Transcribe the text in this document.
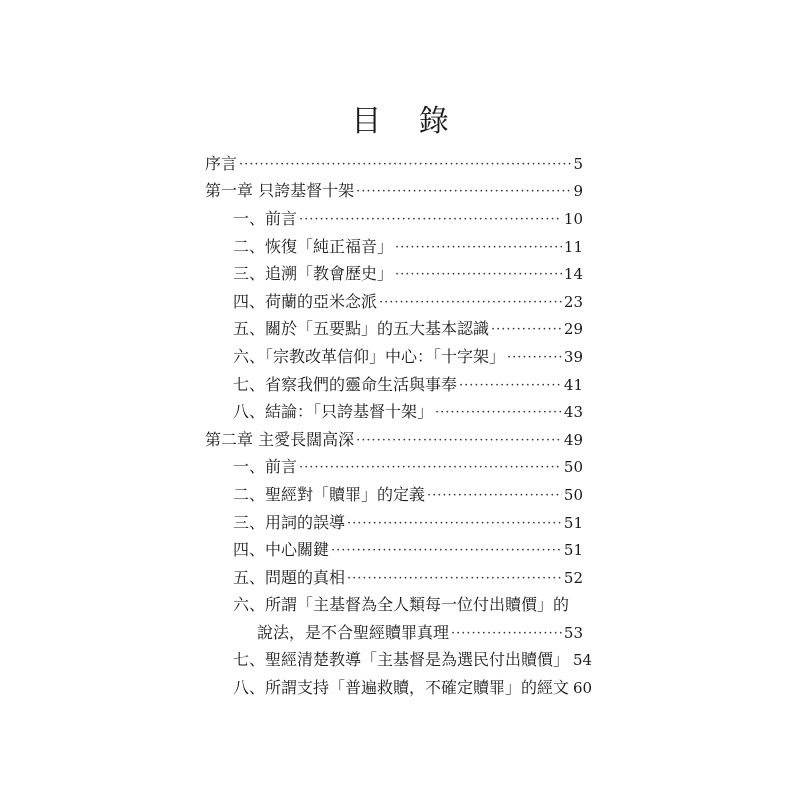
目 錄
序言 ·····	5
第一章 只誇基督十架 ·····	9
一、前言 ·····	10
二、恢復「純正福音」 ·····	11
三、追溯「教會歷史」 ·····	14
四、荷蘭的亞米念派 ·····	23
五、關於「五要點」的五大基本認識 ·····	29
六、「宗教改革信仰」中心：「十字架」 ·····	39
七、省察我們的靈命生活與事奉 ·····	41
八、結論：「只誇基督十架」 ·····	43
第二章 主愛長闊高深 ·····	49
一、前言 ·····	50
二、聖經對「贖罪」的定義 ·····	50
三、用詞的誤導 ·····	51
四、中心關鍵 ·····	51
五、問題的真相 ·····	52
六、所謂「主基督為全人類每一位付出贖價」的
說法，是不合聖經贖罪真理 ·····	53
七、聖經清楚教導「主基督是為選民付出贖價」 54
八、所謂支持「普遍救贖，不確定贖罪」的經文 60
